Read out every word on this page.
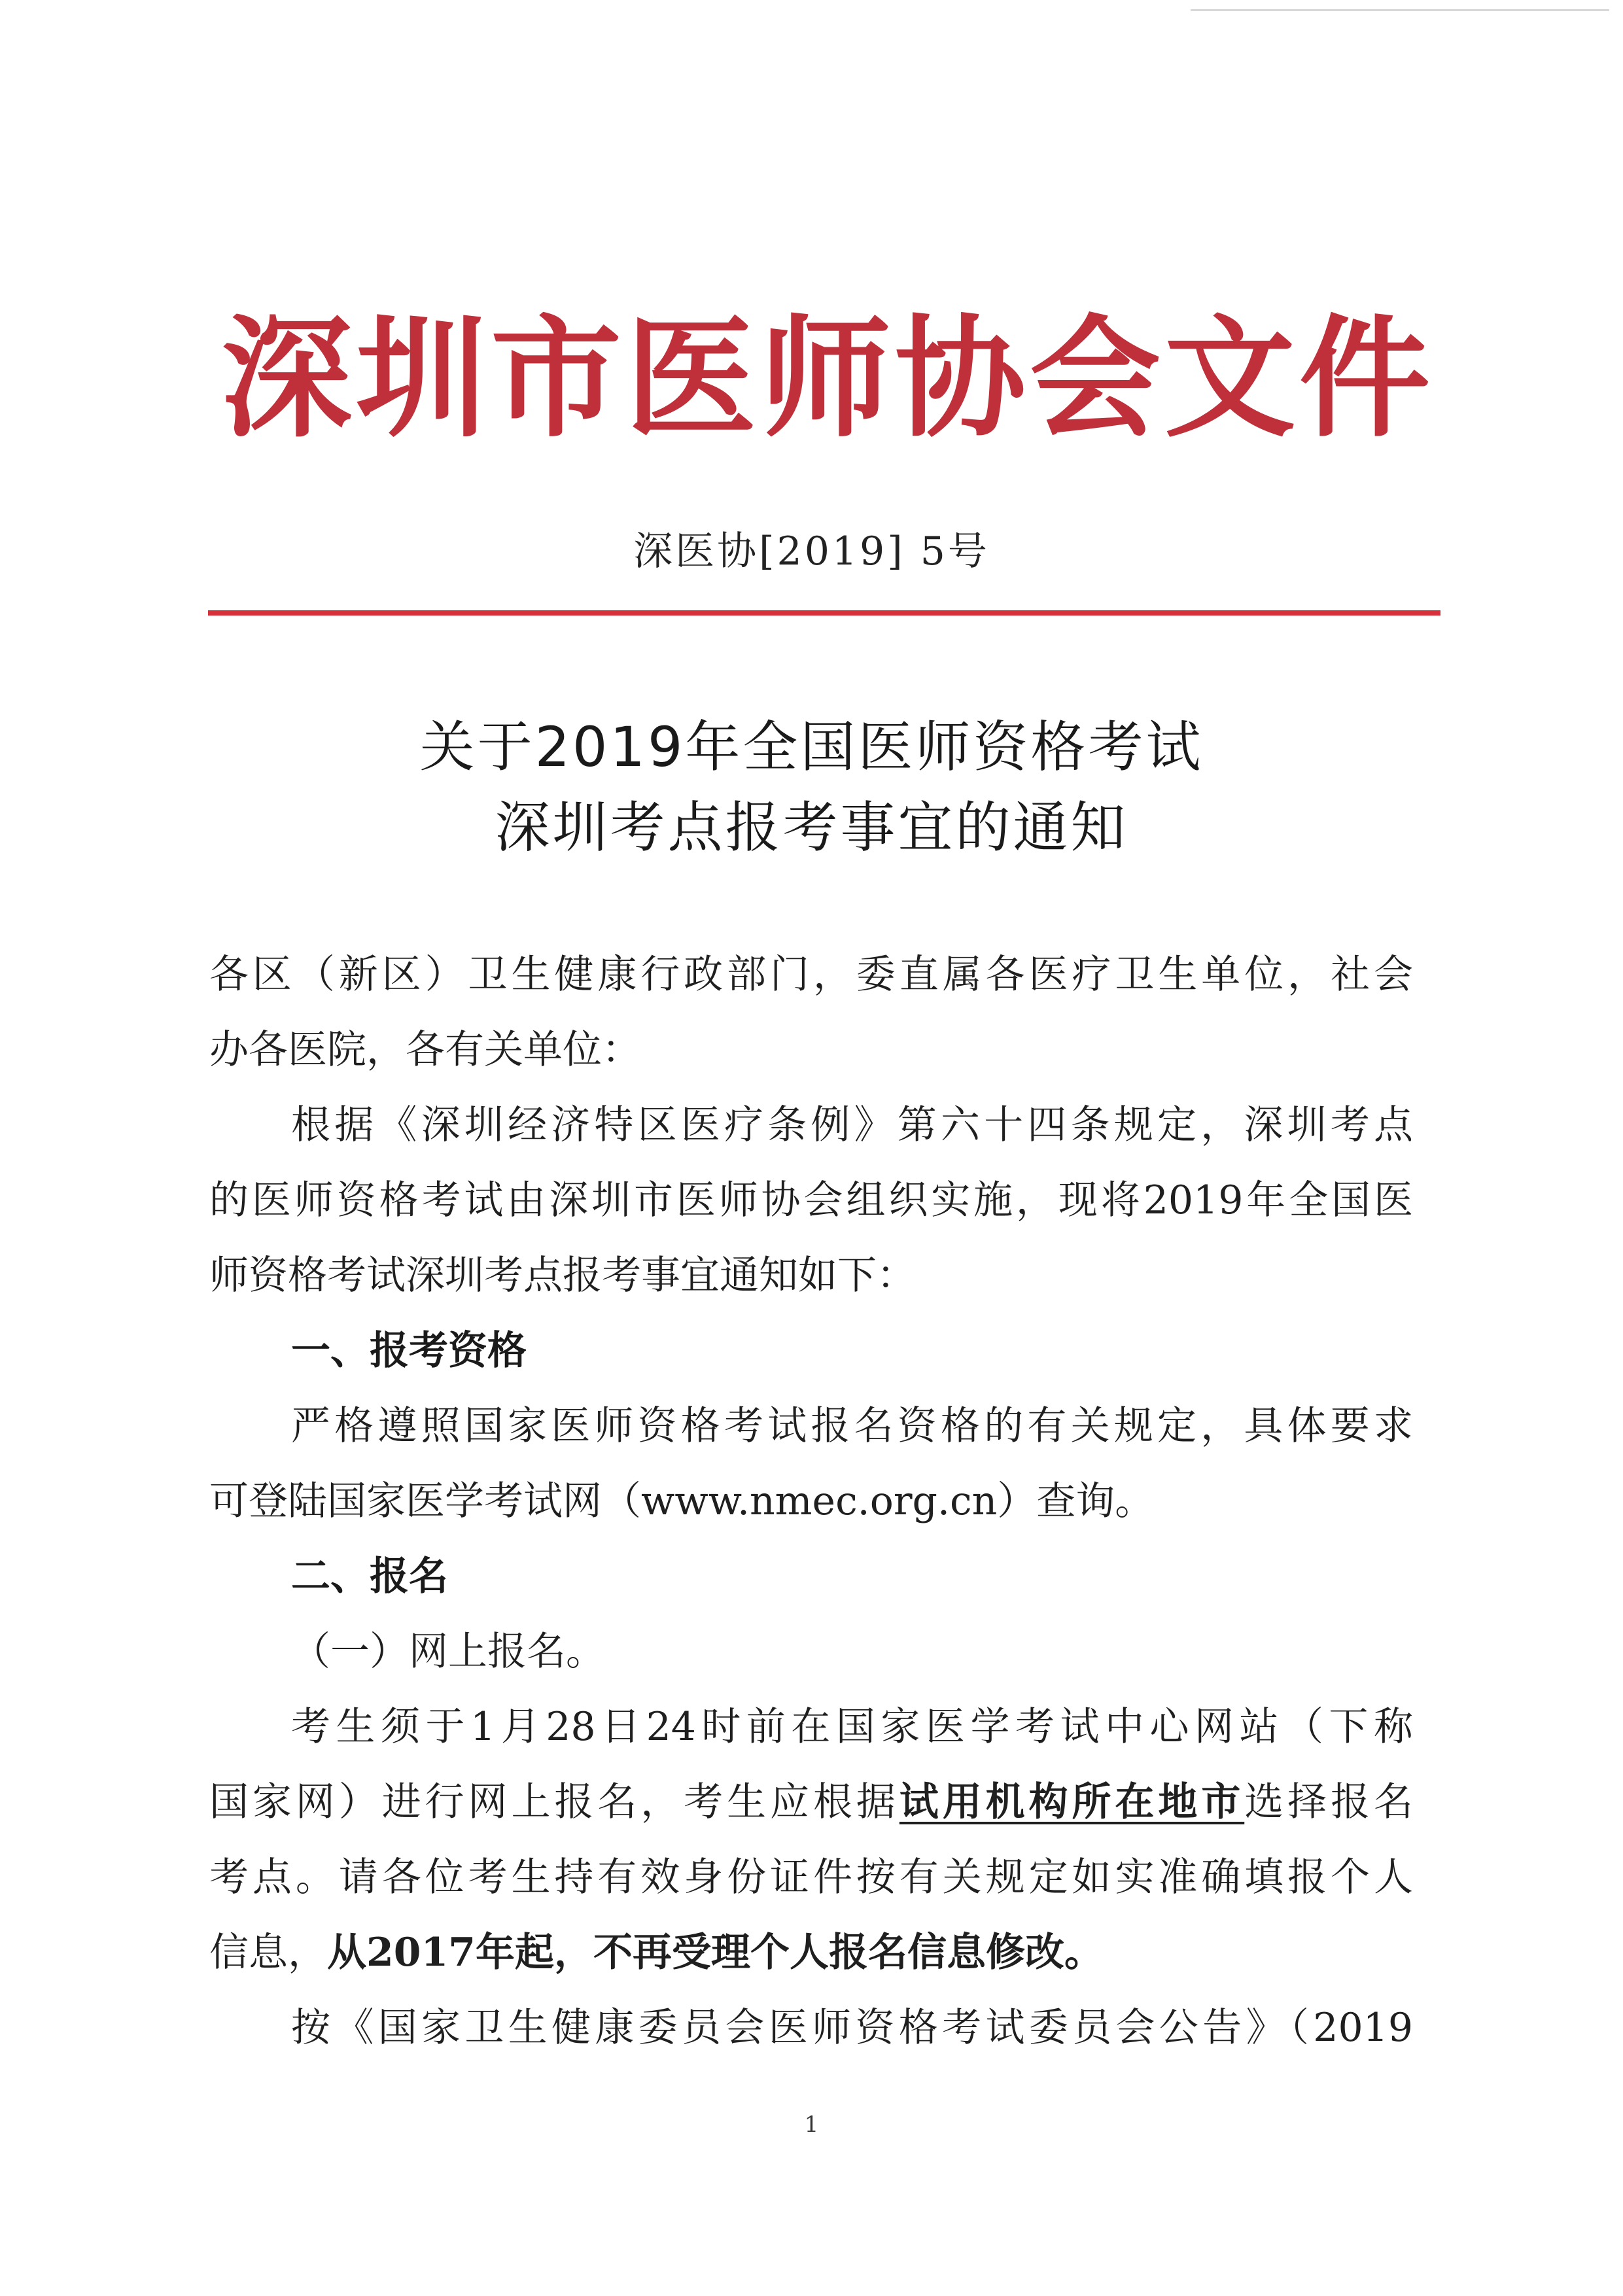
深圳市医师协会文件
深医协[2019] 5号
关于2019年全国医师资格考试
深圳考点报考事宜的通知
各区（新区）卫生健康行政部门，委直属各医疗卫生单位，社会
办各医院，各有关单位：
根据《深圳经济特区医疗条例》第六十四条规定，深圳考点
的医师资格考试由深圳市医师协会组织实施，现将2019年全国医
师资格考试深圳考点报考事宜通知如下：
一、报考资格
严格遵照国家医师资格考试报名资格的有关规定，具体要求
可登陆国家医学考试网（www.nmec.org.cn）查询。
二、报名
（一）网上报名。
考生须于1月28日24时前在国家医学考试中心网站（下称
国家网）进行网上报名，考生应根据试用机构所在地市选择报名
考点。请各位考生持有效身份证件按有关规定如实准确填报个人
信息，从2017年起，不再受理个人报名信息修改。
按《国家卫生健康委员会医师资格考试委员会公告》（2019
1
